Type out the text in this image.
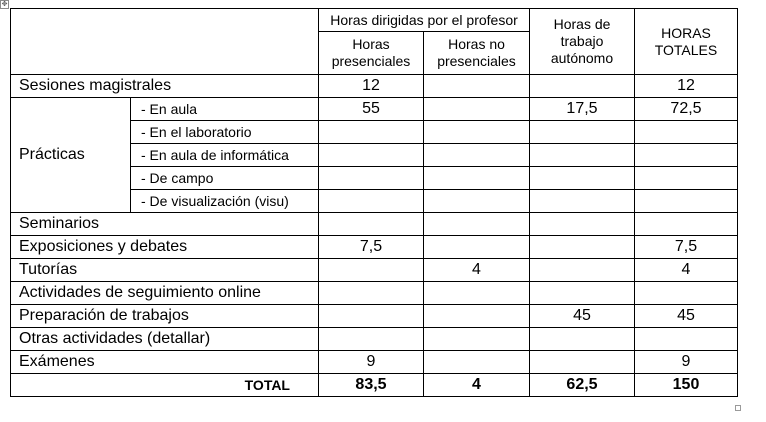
✥
		Horas dirigidas por el profesor		Horas de trabajo autónomo	HORAS TOTALES
		Horas presenciales	Horas no presenciales		
Sesiones magistrales		12			12
Prácticas	- En aula	55		17,5	72,5
	- En el laboratorio				
	- En aula de informática				
	- De campo				
	- De visualización (visu)				
Seminarios					
Exposiciones y debates		7,5			7,5
Tutorías			4		4
Actividades de seguimiento online					
Preparación de trabajos				45	45
Otras actividades (detallar)					
Exámenes		9			9
TOTAL		83,5	4	62,5	150
